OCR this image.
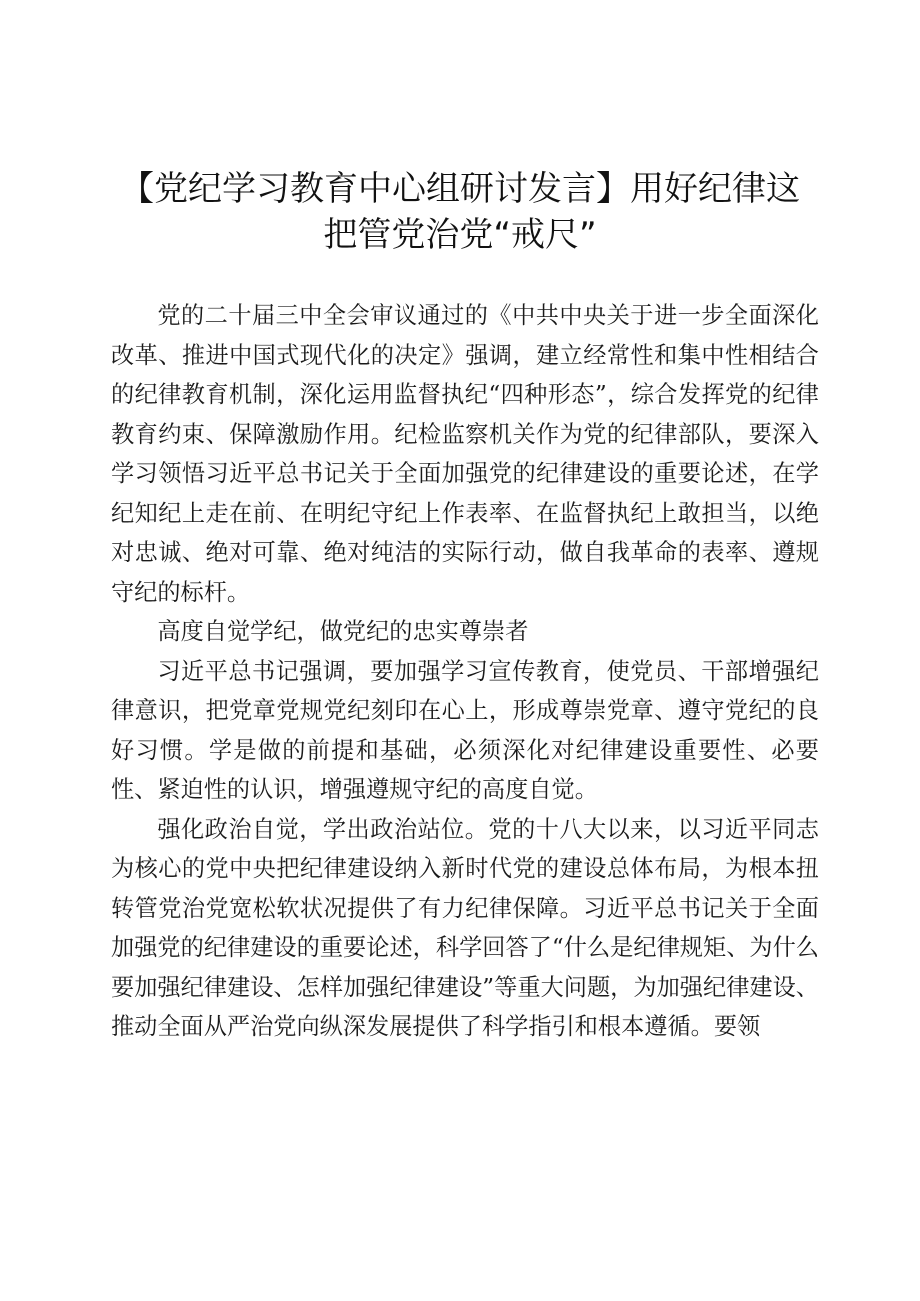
【党纪学习教育中心组研讨发言】用好纪律这
把管党治党“戒尺”

党的二十届三中全会审议通过的《中共中央关于进一步全面深化改革、推进中国式现代化的决定》强调，建立经常性和集中性相结合的纪律教育机制，深化运用监督执纪“四种形态”，综合发挥党的纪律教育约束、保障激励作用。纪检监察机关作为党的纪律部队，要深入学习领悟习近平总书记关于全面加强党的纪律建设的重要论述，在学纪知纪上走在前、在明纪守纪上作表率、在监督执纪上敢担当，以绝对忠诚、绝对可靠、绝对纯洁的实际行动，做自我革命的表率、遵规守纪的标杆。

高度自觉学纪，做党纪的忠实尊崇者

习近平总书记强调，要加强学习宣传教育，使党员、干部增强纪律意识，把党章党规党纪刻印在心上，形成尊崇党章、遵守党纪的良好习惯。学是做的前提和基础，必须深化对纪律建设重要性、必要性、紧迫性的认识，增强遵规守纪的高度自觉。

强化政治自觉，学出政治站位。党的十八大以来，以习近平同志为核心的党中央把纪律建设纳入新时代党的建设总体布局，为根本扭转管党治党宽松软状况提供了有力纪律保障。习近平总书记关于全面加强党的纪律建设的重要论述，科学回答了“什么是纪律规矩、为什么要加强纪律建设、怎样加强纪律建设”等重大问题，为加强纪律建设、推动全面从严治党向纵深发展提供了科学指引和根本遵循。要领
